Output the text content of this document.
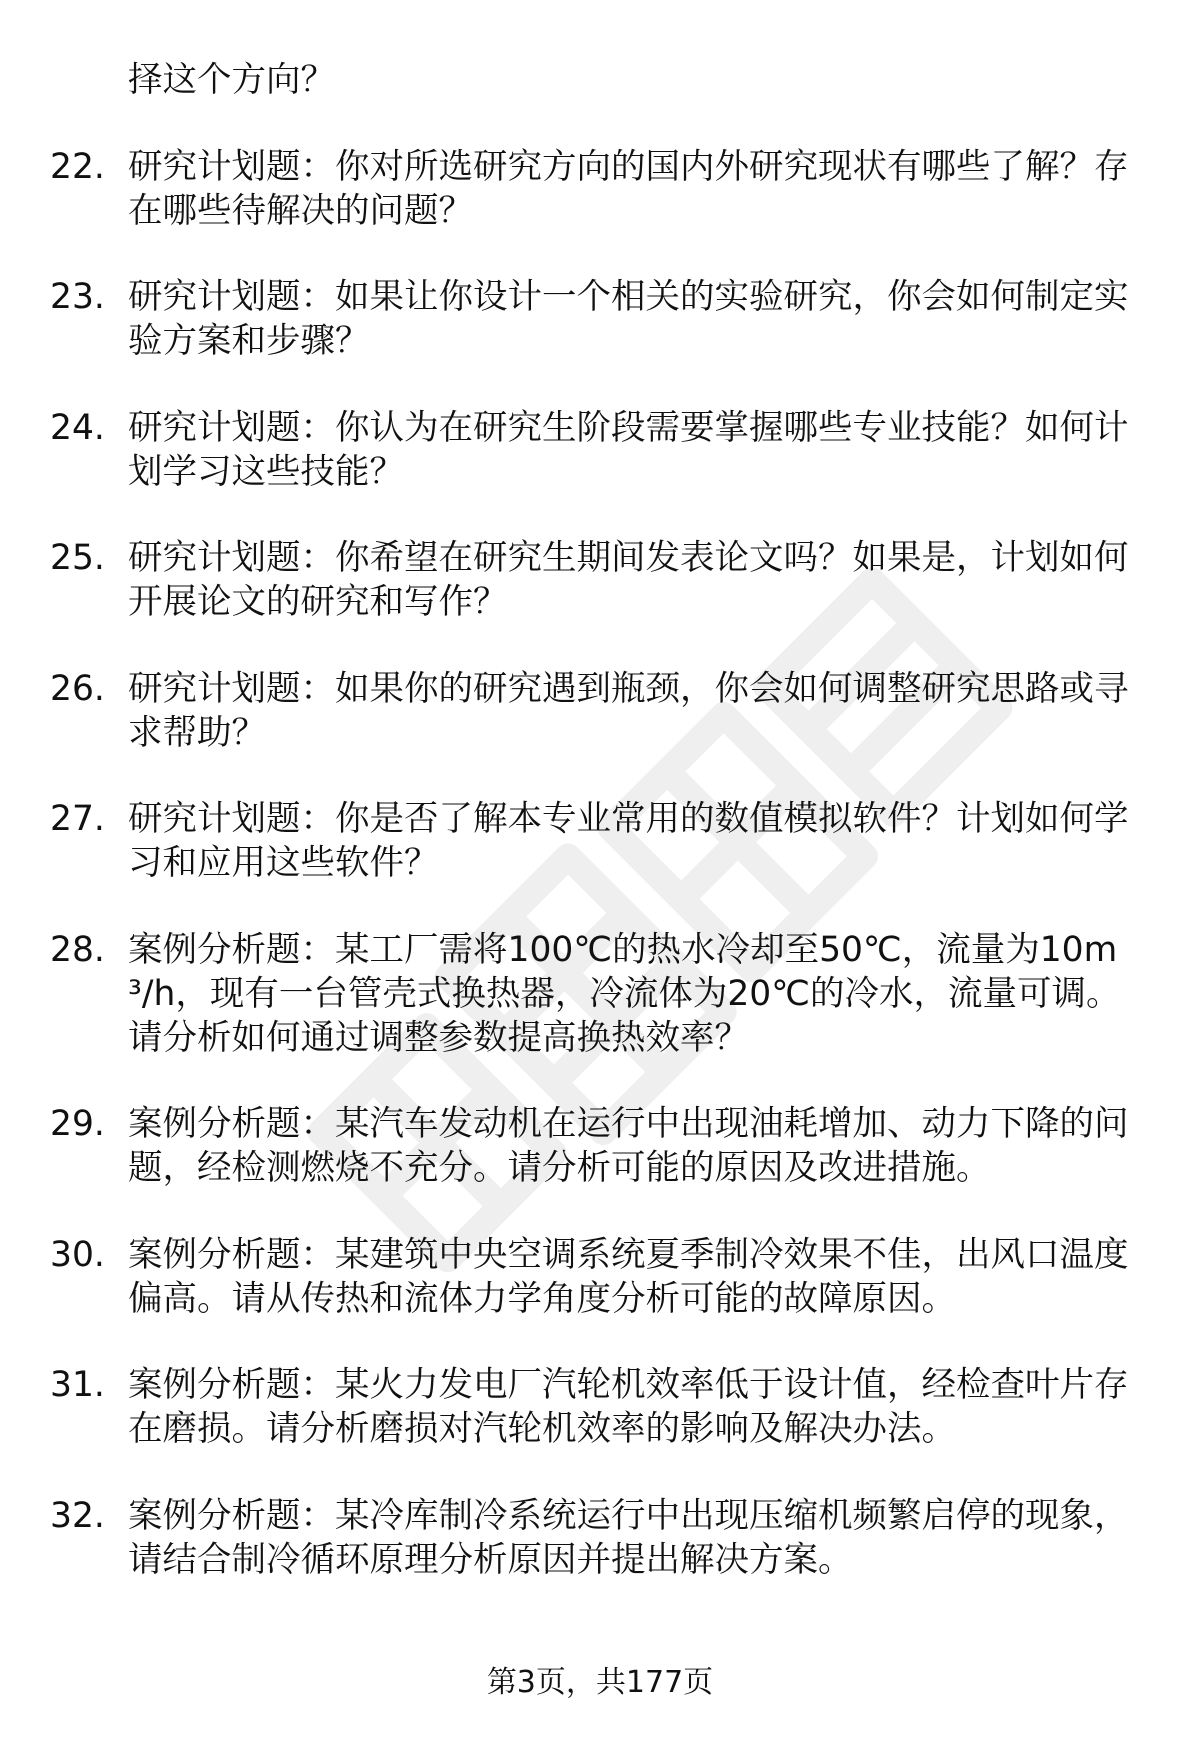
择这个方向？
22. 研究计划题：你对所选研究方向的国内外研究现状有哪些了解？存在哪些待解决的问题？
23. 研究计划题：如果让你设计一个相关的实验研究，你会如何制定实验方案和步骤？
24. 研究计划题：你认为在研究生阶段需要掌握哪些专业技能？如何计划学习这些技能？
25. 研究计划题：你希望在研究生期间发表论文吗？如果是，计划如何开展论文的研究和写作？
26. 研究计划题：如果你的研究遇到瓶颈，你会如何调整研究思路或寻求帮助？
27. 研究计划题：你是否了解本专业常用的数值模拟软件？计划如何学习和应用这些软件？
28. 案例分析题：某工厂需将100℃的热水冷却至50℃，流量为10m³/h，现有一台管壳式换热器，冷流体为20℃的冷水，流量可调。请分析如何通过调整参数提高换热效率？
29. 案例分析题：某汽车发动机在运行中出现油耗增加、动力下降的问题，经检测燃烧不充分。请分析可能的原因及改进措施。
30. 案例分析题：某建筑中央空调系统夏季制冷效果不佳，出风口温度偏高。请从传热和流体力学角度分析可能的故障原因。
31. 案例分析题：某火力发电厂汽轮机效率低于设计值，经检查叶片存在磨损。请分析磨损对汽轮机效率的影响及解决办法。
32. 案例分析题：某冷库制冷系统运行中出现压缩机频繁启停的现象，请结合制冷循环原理分析原因并提出解决方案。
第3页，共177页
